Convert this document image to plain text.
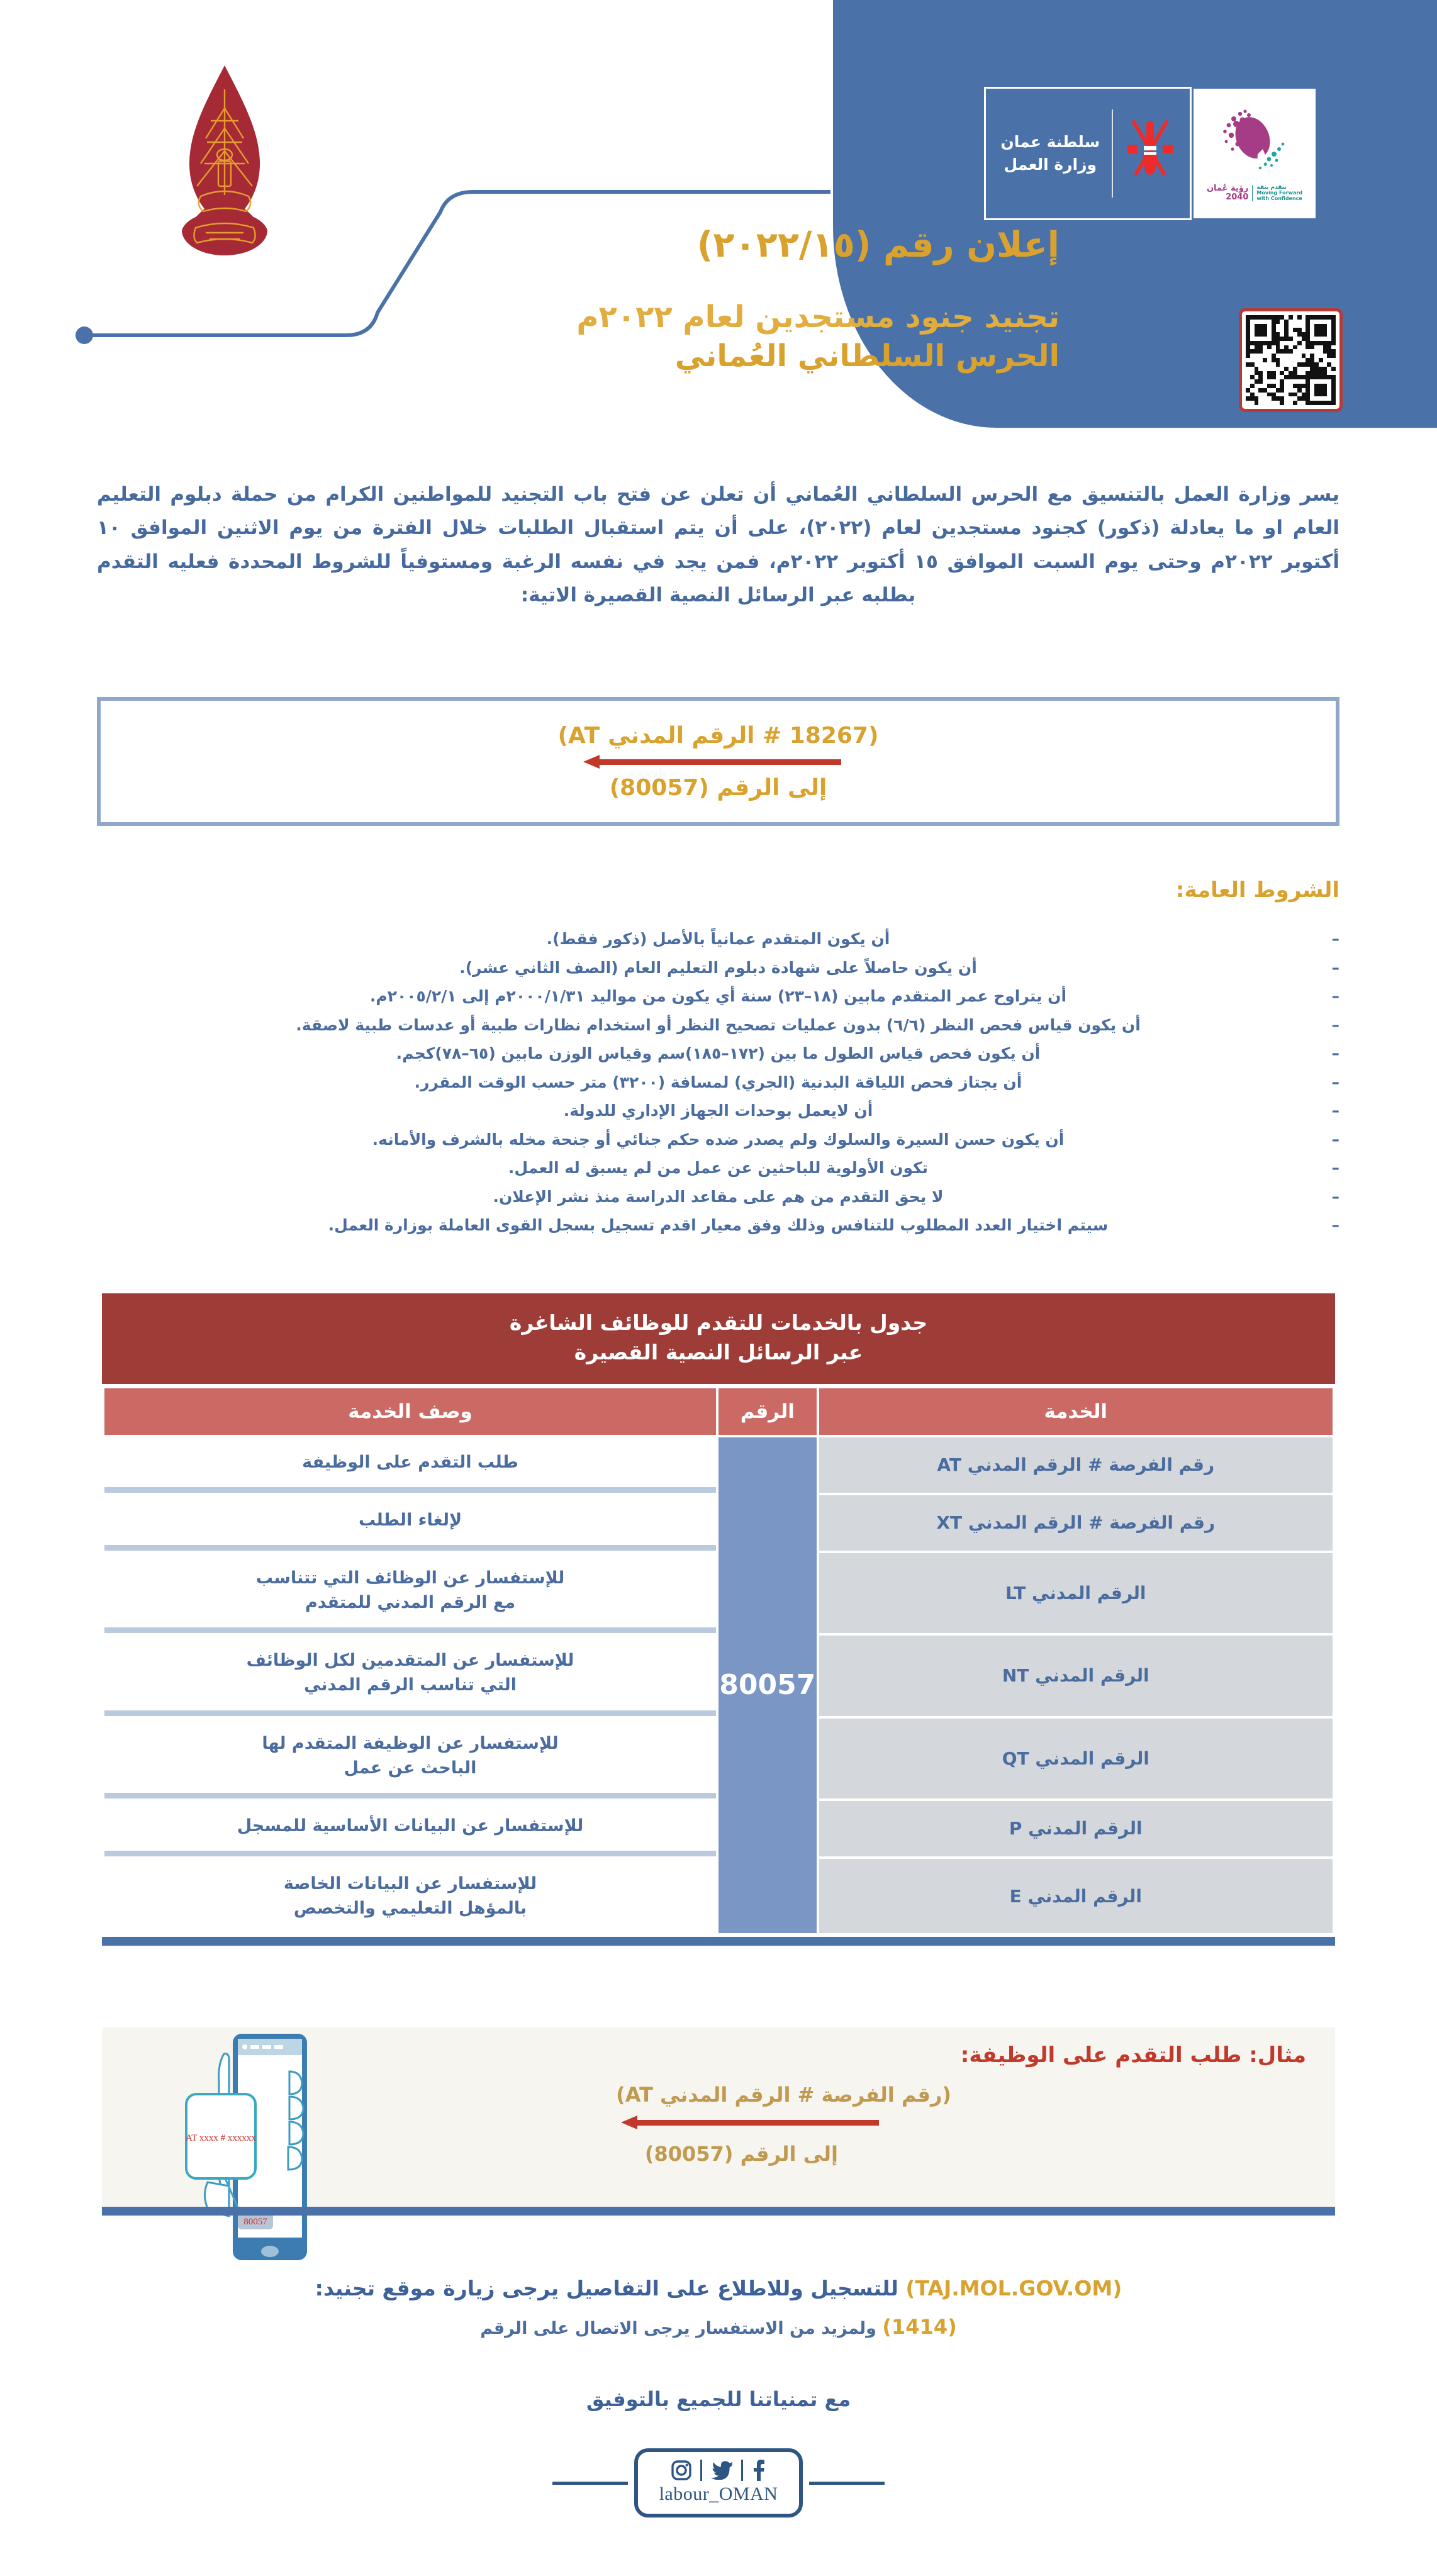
نتقدم بثقة
Moving Forward
with Confidence
رؤية عُمان
2040
سلطنة عمان
وزارة العمل
إعلان رقم (٢٠٢٢/١٥)
تجنيد جنود مستجدين لعام ٢٠٢٢م
الحرس السلطاني العُماني
يسر وزارة العمل بالتنسيق مع الحرس السلطاني العُماني أن تعلن عن فتح باب التجنيد للمواطنين الكرام من حملة دبلوم التعليم العام او ما يعادلة (ذكور) كجنود مستجدين لعام (٢٠٢٢)، على أن يتم استقبال الطلبات خلال الفترة من يوم الاثنين الموافق ١٠ أكتوبر ٢٠٢٢م وحتى يوم السبت الموافق ١٥ أكتوبر ٢٠٢٢م، فمن يجد في نفسه الرغبة ومستوفياً للشروط المحددة فعليه التقدم بطلبه عبر الرسائل النصية القصيرة الاتية:
(18267 # الرقم المدني AT)
إلى الرقم (80057)
الشروط العامة:
– أن يكون المتقدم عمانياً بالأصل (ذكور فقط).
– أن يكون حاصلاً على شهادة دبلوم التعليم العام (الصف الثاني عشر).
– أن يتراوح عمر المتقدم مابين (١٨–٢٣) سنة أي يكون من مواليد ٢٠٠٠/١/٣١م إلى ٢٠٠٥/٢/١م.
– أن يكون قياس فحص النظر (٦/٦) بدون عمليات تصحيح النظر أو استخدام نظارات طبية أو عدسات طبية لاصقة.
– أن يكون فحص قياس الطول ما بين (١٧٢–١٨٥)سم وقياس الوزن مابين (٦٥–٧٨)كجم.
– أن يجتاز فحص اللياقة البدنية (الجري) لمسافة (٣٢٠٠) متر حسب الوقت المقرر.
– أن لايعمل بوحدات الجهاز الإداري للدولة.
– أن يكون حسن السيرة والسلوك ولم يصدر ضده حكم جنائي أو جنحة مخله بالشرف والأمانه.
– تكون الأولوية للباحثين عن عمل من لم يسبق له العمل.
– لا يحق التقدم من هم على مقاعد الدراسة منذ نشر الإعلان.
– سيتم اختيار العدد المطلوب للتنافس وذلك وفق معيار اقدم تسجيل بسجل القوى العاملة بوزارة العمل.
جدول بالخدمات للتقدم للوظائف الشاغرة
عبر الرسائل النصية القصيرة
الخدمة	الرقم	وصف الخدمة
رقم الفرصة # الرقم المدني AT	80057	طلب التقدم على الوظيفة

رقم الفرصة # الرقم المدني XT		لإلغاء الطلب

الرقم المدني LT		للإستفسار عن الوظائف التي تتناسب
مع الرقم المدني للمتقدم

الرقم المدني NT		للإستفسار عن المتقدمين لكل الوظائف
التي تناسب الرقم المدني

الرقم المدني QT		للإستفسار عن الوظيفة المتقدم لها
الباحث عن عمل

الرقم المدني P		للإستفسار عن البيانات الأساسية للمسجل

الرقم المدني E		للإستفسار عن البيانات الخاصة
بالمؤهل التعليمي والتخصص
مثال: طلب التقدم على الوظيفة:
(رقم الفرصة # الرقم المدني AT)
إلى الرقم (80057)
AT xxxx # xxxxxx
80057
(TAJ.MOL.GOV.OM) للتسجيل وللاطلاع على التفاصيل يرجى زيارة موقع تجنيد:
(1414) ولمزيد من الاستفسار يرجى الاتصال على الرقم
مع تمنياتنا للجميع بالتوفيق
labour_OMAN
